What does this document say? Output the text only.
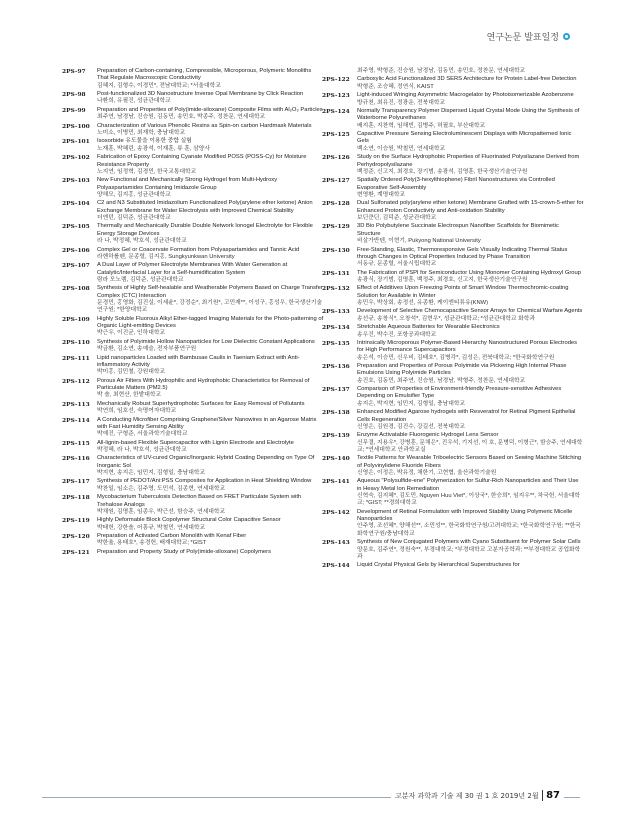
연구논문 발표일정
2PS-97	Preparation of Carbon-containing, Compressible, Microporous, Polymeric Monoliths That Regulate Macroscopic Conductivity
김혜지, 김형수, 이경민*, 전남대학교; *서울대학교
2PS-98	Post-functionalized 3D Nanostructure Inverse Opal Membrane by Click Reaction
나환희, 유필진, 성균관대학교
2PS-99	Preparation and Properties of Poly(imide-siloxane) Composite Films with Al₂O₃ Particles
최주연, 남경남, 진승원, 김동민, 송민호, 박종주, 정찬문, 연세대학교
2PS-100	Characterization of Various Phenolic Resins as Spin-on carbon Hardmask Materials
노미소, 이병민, 최재학, 충남대학교
2PS-101	Isosorbide 유도물을 이용한 중합 실험
노재훈, 박혜린, 송광석, 이재훈, 류 훈, 삼양사
2PS-102	Fabrication of Epoxy Containing Cyanate Modified POSS (POSS-Cy) for Moisture Resistance Property
노지연, 임정혁, 김경민, 한국교통대학교
2PS-103	New Functional and Mechanically Strong Hydrogel from Multi-Hydroxy Polyaspartamides Containing Imidazole Group
양해모, 김지홍, 성균관대학교
2PS-104	C2 and N3 Substituted Imidazolium Functionalized Poly(arylene ether ketone) Anion Exchange Membrane for Water Electrolysis with Improved Chemical Stability
더엔던, 김덕준, 성균관대학교
2PS-105	Thermally and Mechanically Durable Double Network Ionogel Electrolyte for Flexible Energy Storage Devices
라 나, 박정혜, 박호석, 성균관대학교
2PS-106	Complex Gel or Coacervate Formation from Polyaspartamides and Tannic Acid
라헨하롤펜, 문종렬, 김지홍, Sungkyunkwan University
2PS-107	A Dual Layer of Polymer Electrolyte Membranes With Water Generation at Catalytic/Interfacial Layer for a Self-humidification System
람라 모노렘, 김덕준, 성균관대학교
2PS-108	Synthesis of Highly Self-healable and Weatherable Polymers Based on Charge Transfer Complex (CTC) Interaction
문경민, 홍영화, 김진실, 이세윤*, 강정순*, 최기원*, 고민재**, 이성구, 홍성우, 한국생산기술연구원; *한양대학교
2PS-109	Highly Soluble Fluorous Alkyl Ether-tagged Imaging Materials for the Photo-patterning of Organic Light-emitting Devices
박근우, 이진균, 인하대학교
2PS-110	Synthesis of Polyimide Hollow Nanoparticles for Low Dielectric Constant Applications
박금환, 김소연, 송예슬, 전자부품연구원
2PS-111	Lipid nanoparticles Loaded with Bambusae Caulis in Taeniam Extract with Anti-inflammatory Activity
박미홍, 김민철, 강원대학교
2PS-112	Porous Air Filters With Hydrophilic and Hydrophobic Characteristics for Removal of Particulate Matters (PM2.5)
박 솔, 최현산, 한밭대학교
2PS-113	Mechanically Robust Superhydrophobic Surfaces for Easy Removal of Pollutants
박연희, 임호선, 숙명여자대학교
2PS-114	A Conducting Microfiber Comprising Graphene/Silver Nanowires in an Agarose Matrix with Fast Humidity Sensing Ability
박예진, 구형준, 서울과학기술대학교
2PS-115	All-lignin-based Flexible Supercapacitor with Lignin Electrode and Electrolyte
박정혜, 라 나, 박호석, 성균관대학교
2PS-116	Characteristics of UV-cured Organic/Inorganic Hybrid Coating Depending on Type Of Inorganic Sol
박지현, 송지은, 임민지, 김형일, 충남대학교
2PS-117	Synthesis of PEDOT/Ani:PSS Composites for Application in Heat Shielding Window
박찬일, 임소은, 김주영, 도민석, 김종현, 연세대학교
2PS-118	Mycobacterium Tuberculosis Detection Based on FRET Particulate System with Trehalose Analogs
박채원, 김명훈, 임종우, 박근선, 함승주, 연세대학교
2PS-119	Highly Deformable Block Copolymer Structural Color Capacitive Sensor
박태헌, 강한솔, 어흥규, 박철민, 연세대학교
2PS-120	Preparation of Activated Carbon Monolith with Kenaf Fiber
박한율, 용태호*, 송경헌, 배재대학교; *GIST
2PS-121	Preparation and Property Study of Poly(imide-siloxane) Copolymers
최주영, 박형준, 진승원, 남경남, 김동민, 송민호, 정찬문, 연세대학교
2PS-122	Carboxylic Acid Functionalized 3D SERS Architecture for Protein Label-free Detection
박형준, 조승혜, 정연식, KAIST
2PS-123	Light-induced Wringing Asymmetric Macrogelator by Photoisomerizable Azobenzene
방규천, 최유진, 정광운, 전북대학교
2PS-124	Normally Transparency Polymer Dispersed Liquid Crystal Mode Using the Synthesis of Waterborne Polyurethanes
배지훈, 지찬혁, 임해빈, 김병주, 허필호, 부산대학교
2PS-125	Capacitive Pressure Sensing Electroluminescent Displays with Micropatterned Ionic Gels
백소연, 이승원, 박철민, 연세대학교
2PS-126	Study on the Surface Hydrophobic Properties of Fluorinated Polysilazane Derived from Perhydropolysilazane
백정준, 신고지, 최경호, 장기범, 송광석, 김영훈, 한국생산기술연구원
2PS-127	Spatially Ordered Poly(3-hexylthiophene) Fibril Nanostructures via Controlled Evaporative Self-Assembly
변영환, 계명대학교
2PS-128	Dual Sulfonated poly(arylene ether ketone) Membrane Grafted with 15-crown-5-ether for Enhanced Proton Conductivity and Anti-oxidation Stability
보딘쿤딘, 김덕준, 성균관대학교
2PS-129	3D Bio Polybutylene Succinate Electrospun Nanofiber Scaffolds for Biomimetic Structure
비살가반텐, 이현기, Pukyong National University
2PS-130	Free-Standing, Elastic, Thermoresponsive Gels Visually Indicating Thermal Status through Changes in Optical Properties Induced by Phase Transition
서동규, 문종렬, 서울시립대학교
2PS-131	The Fabrication of PSPI for Semiconductor Using Monomer Containing Hydroxyl Group
송광식, 장기범, 김명훈, 백정주, 최경호, 신고지, 한국생산기술연구원
2PS-132	Effect of Additives Upon Freezing Points of Smart Window Thermochromic-coating Solution for Available in Winter
송민우, 박상회, 송정선, 유종환, 케이엔티튜유(KNW)
2PS-133	Development of Selective Chemocapacitive Sensor Arrays for Chemical Warfare Agents
송선규, 송창식*, 오창석*, 김현우*, 성균관대학교; *성균관대학교 화학과
2PS-134	Stretchable Aqueous Batteries for Wearable Electronics
송우진, 박수진, 포항공과대학교
2PS-135	Intrinsically Microporous Polymer-Based Hierarchy Nanostructured Porous Electrodes for High Performance Supercapacitors
송은석, 이승민, 신우비, 김태호*, 김병각*, 김성은, 전북대학교; *한국화학연구원
2PS-136	Preparation and Properties of Porous Polyimide via Pickering High Internal Phase Emulsions Using Polyimide Particles
송진호, 김동민, 최주연, 진승원, 남경남, 박형주, 정찬문, 연세대학교
2PS-137	Comparison of Properties of Environment-friendly Pressure-sensitive Adhesives Depending on Emulsifier Type
송지은, 박지현, 임민지, 김형일, 충남대학교
2PS-138	Enhanced Modified Agarose hydrogels with Resveratrol for Retinal Pigment Epithelial Cells Regeneration
신영은, 김원경, 김진수, 강길선, 전북대학교
2PS-139	Enzyme Activatable Fluorogenic Hydrogel Lens Sensor
신무결, 지용우*, 강병훈, 문채은*, 진우석, 기지선, 이 호, 문병덕, 이형근*, 함승주, 연세대학교; *연세대학교 안과학교실
2PS-140	Textile Patterns for Wearable Triboelectric Sensors Based on Sewing Machine Stitching of Polyvinylidene Fluoride Fibers
신영은, 이정은, 박유정, 채한기, 고현협, 울산과학기술원
2PS-141	Aqueous "Polysulfide-ene" Polymerization for Sulfur-Rich Nanoparticles and Their Use in Heavy Metal Ion Remediation
신혁숙, 김지혜*, 김도민, Nguyen Huu Viet*, 이상국*, 한승희*, 임지우**, 차국헌, 서울대학교; *GIST; **경희대학교
2PS-142	Development of Retinal Formulation with Improved Stability Using Polymeric Micelle Nanoparticles
안주영, 조선혜*, 양해선**, 소민성**, 한국화학연구원/고려대학교; *한국화학연구원; **한국화학연구원/충남대학교
2PS-143	Synthesis of New Conjugated Polymers with Cyano Substituent for Polymer Solar Cells
양문호, 김주연*, 정원숙**, 부경대학교; *부경대학교 고분자공학과; **부경대학교 공업화학과
2PS-144	Liquid Crystal Physical Gels by Hierarchical Superstructures for
고분자 과학과 기술 제 30 권 1 호 2019년 2월 87
